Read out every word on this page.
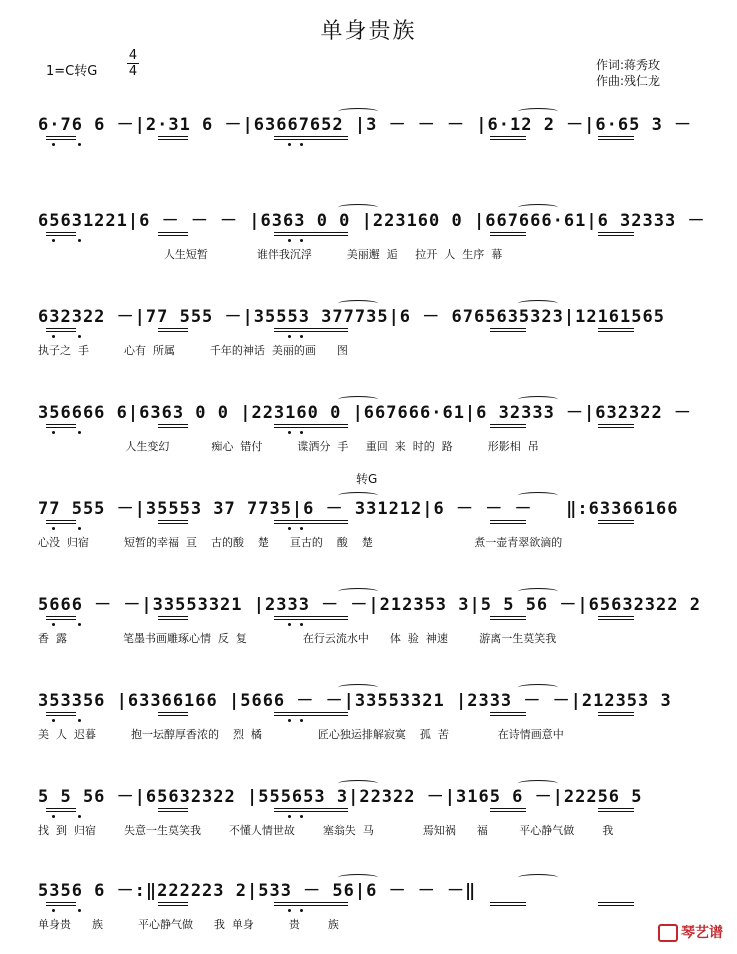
单身贵族
1=C转G
4
4	作词:蒋秀玫
作曲:残仁龙
转G
6·76 6 －|2·31 6 －|63667652 |3 － － － |6·12 2 －|6·65 3 －
65631221|6 － － － |6363 0 0 |223160 0 |667666·61|6 32333 －
人生短暂              谁伴我沉浮          美丽邂  逅     拉开  人  生序  幕
632322 －|77 555 －|35553 377735|6 － 6765635323|12161565
执子之  手          心有  所属          千年的神话  美丽的画      图
356666 6|6363 0 0 |223160 0 |667666·61|6 32333 －|632322 －
人生变幻            痴心  错付          谍洒分  手     重回  来  时的  路          形影相  吊
77 555 －|35553 37 7735|6 － 331212|6 － － －   ‖:63366166
心没  归宿          短暂的幸福  亘    古的酸    楚      亘古的    酸    楚                             煮一壶青翠欲滴的
5666 － －|33553321 |2333 － －|212353 3|5 5 56 －|65632322 2
香  露                笔墨书画雕琢心情  反  复                在行云流水中      体  验  神速         游离一生莫笑我
353356 |63366166 |5666 － －|33553321 |2333 － －|212353 3
美  人  迟暮          抱一坛醇厚香浓的    烈  橘                匠心独运排解寂寞    孤  苦              在诗情画意中
5 5 56 －|65632322 |555653 3|22322 －|3165 6 －|22256 5
找  到  归宿        失意一生莫笑我        不懂人情世故        塞翁失  马              焉知祸      福         平心静气做        我
5356 6 －:‖222223 2|533 － 56|6 － － －‖
单身贵      族          平心静气做      我  单身          贵        族
琴艺谱
